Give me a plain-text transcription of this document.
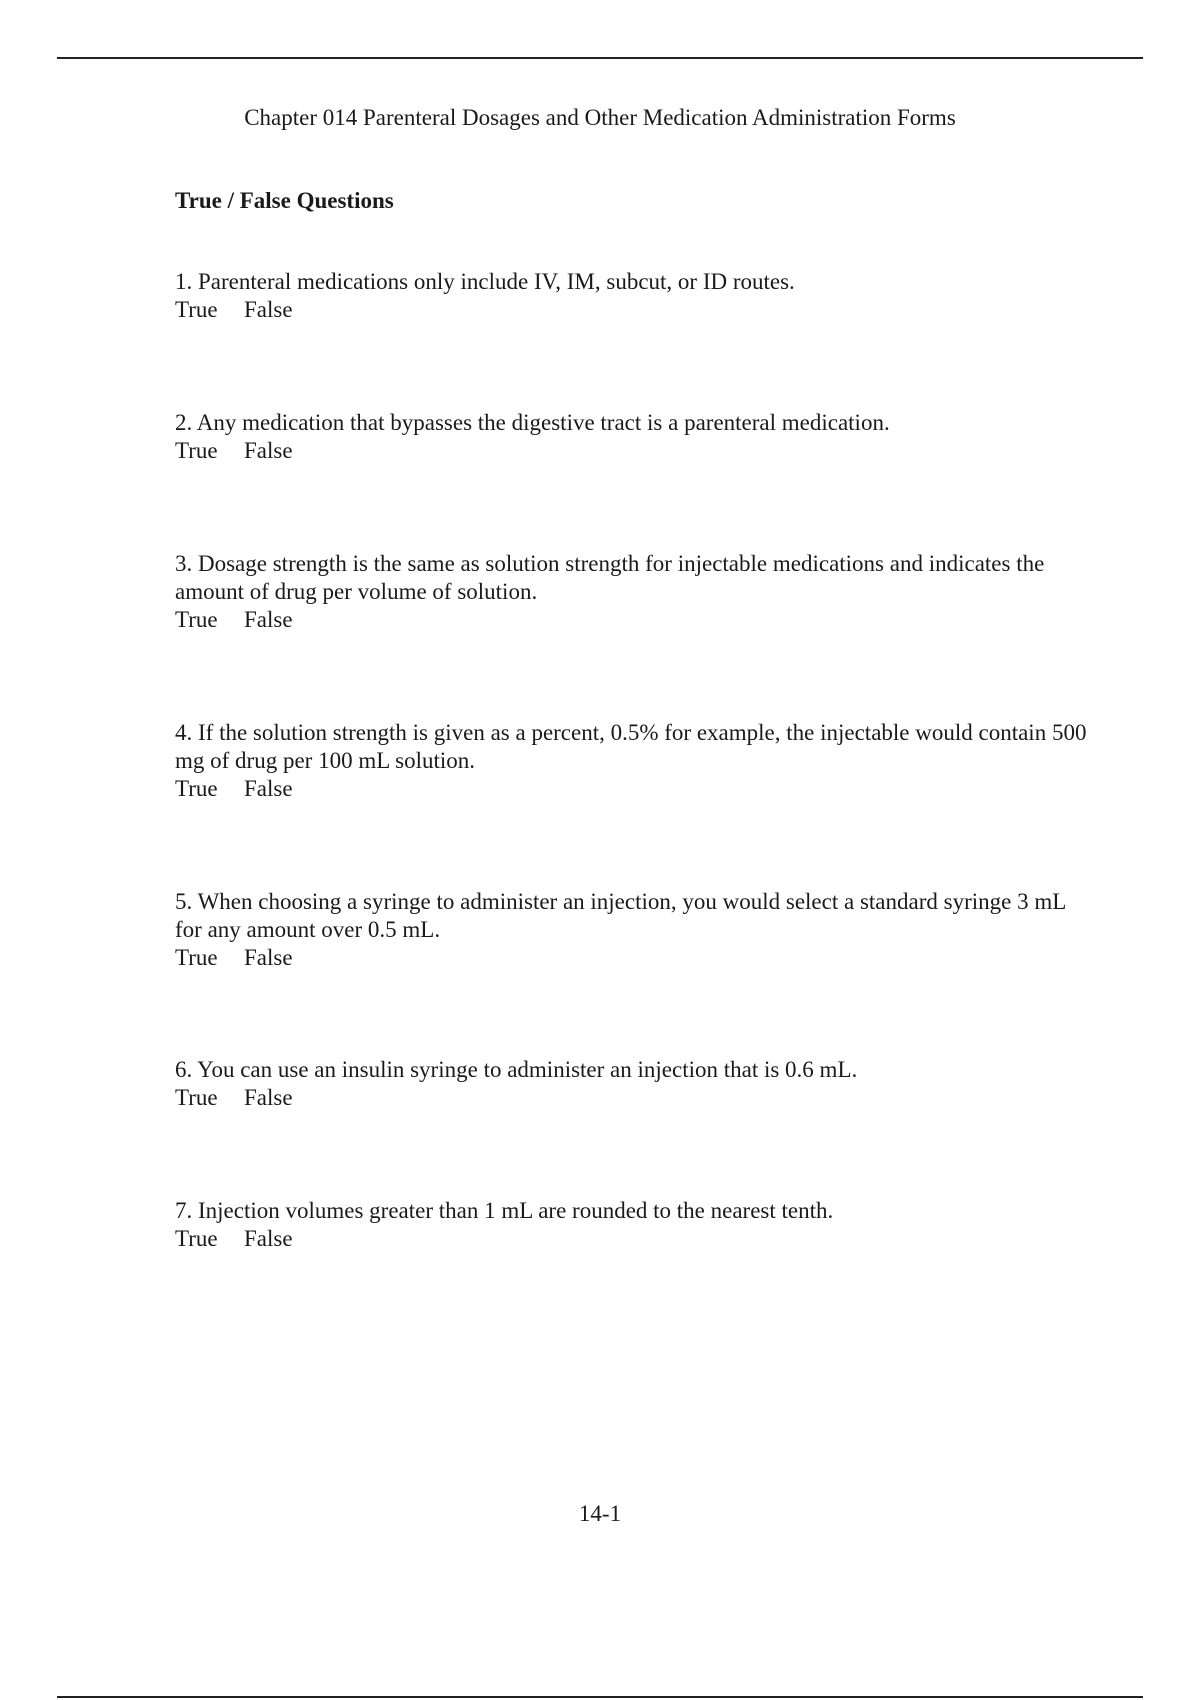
Chapter 014 Parenteral Dosages and Other Medication Administration Forms
True / False Questions

1. Parenteral medications only include IV, IM, subcut, or ID routes.

True False

2. Any medication that bypasses the digestive tract is a parenteral medication.

True False

3. Dosage strength is the same as solution strength for injectable medications and indicates the amount of drug per volume of solution.

True False

4. If the solution strength is given as a percent, 0.5% for example, the injectable would contain 500 mg of drug per 100 mL solution.

True False

5. When choosing a syringe to administer an injection, you would select a standard syringe 3 mL for any amount over 0.5 mL.

True False

6. You can use an insulin syringe to administer an injection that is 0.6 mL.

True False

7. Injection volumes greater than 1 mL are rounded to the nearest tenth.

True False

14-1
